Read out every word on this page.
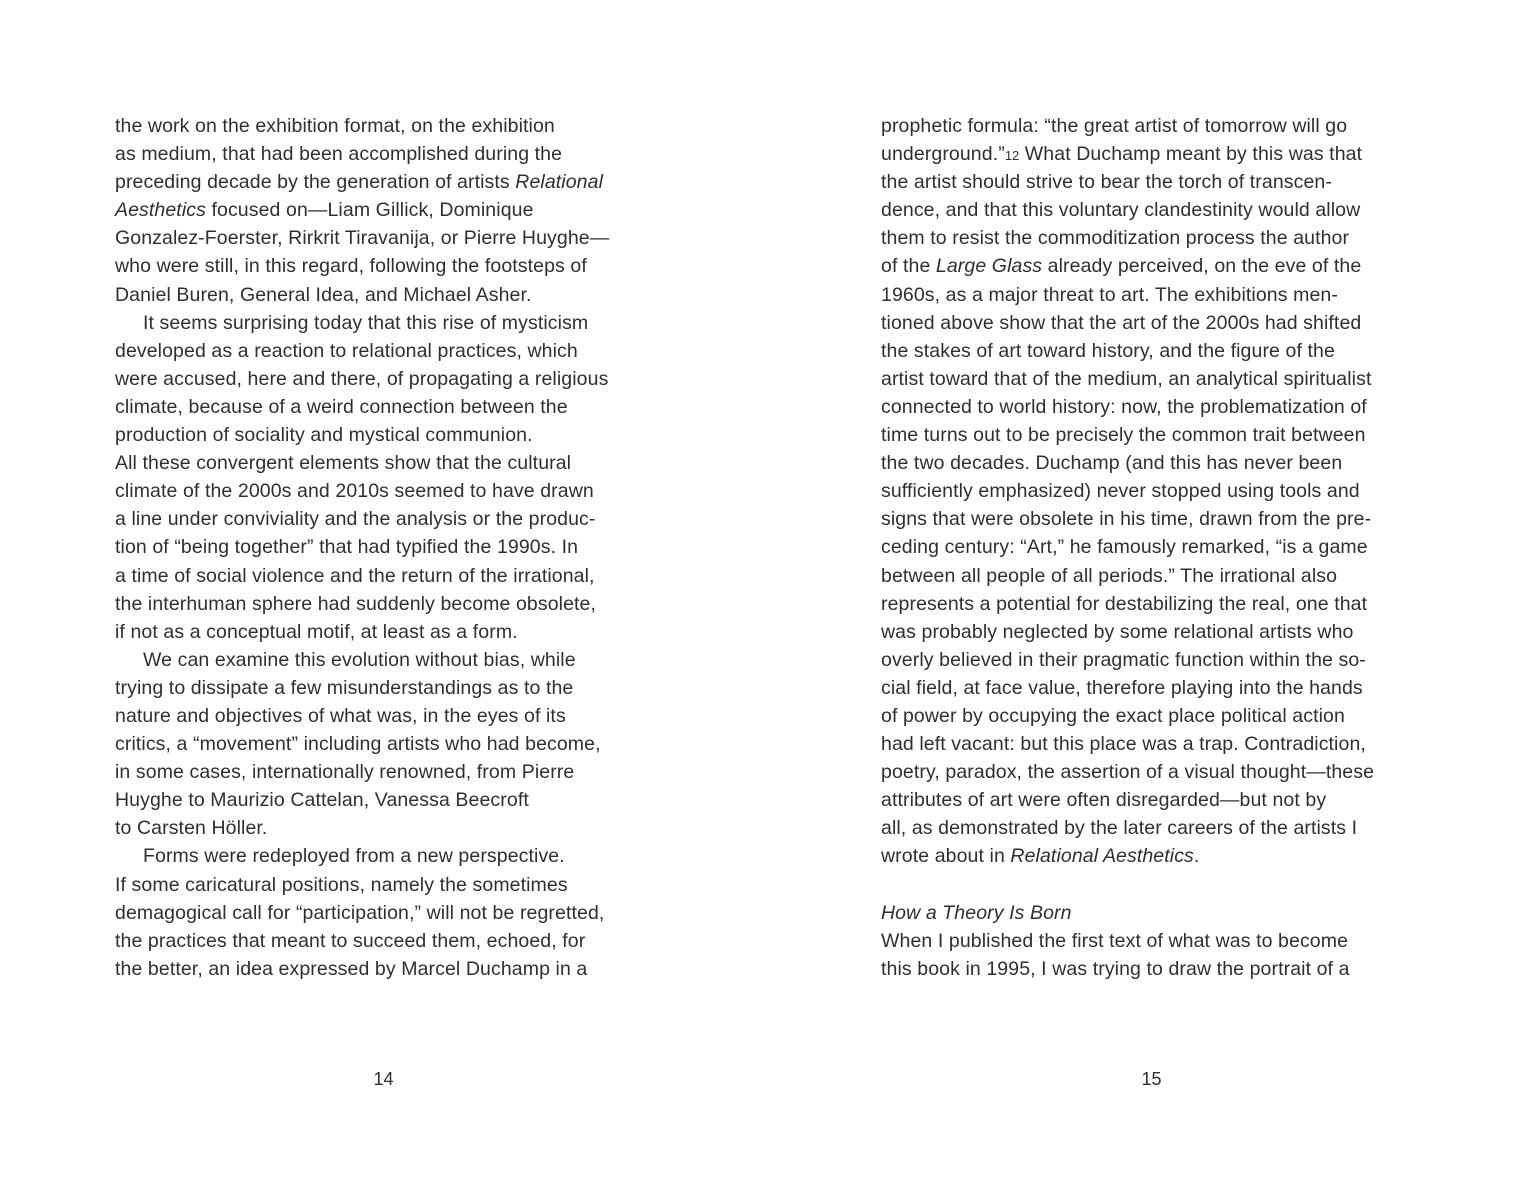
the work on the exhibition format, on the exhibition
as medium, that had been accomplished during the
preceding decade by the generation of artists Relational
Aesthetics focused on—Liam Gillick, Dominique
Gonzalez-Foerster, Rirkrit Tiravanija, or Pierre Huyghe—
who were still, in this regard, following the footsteps of
Daniel Buren, General Idea, and Michael Asher.
It seems surprising today that this rise of mysticism
developed as a reaction to relational practices, which
were accused, here and there, of propagating a religious
climate, because of a weird connection between the
production of sociality and mystical communion.
All these convergent elements show that the cultural
climate of the 2000s and 2010s seemed to have drawn
a line under conviviality and the analysis or the produc-
tion of “being together” that had typified the 1990s. In
a time of social violence and the return of the irrational,
the interhuman sphere had suddenly become obsolete,
if not as a conceptual motif, at least as a form.
We can examine this evolution without bias, while
trying to dissipate a few misunderstandings as to the
nature and objectives of what was, in the eyes of its
critics, a “movement” including artists who had become,
in some cases, internationally renowned, from Pierre
Huyghe to Maurizio Cattelan, Vanessa Beecroft
to Carsten Höller.
Forms were redeployed from a new perspective.
If some caricatural positions, namely the sometimes
demagogical call for “participation,” will not be regretted,
the practices that meant to succeed them, echoed, for
the better, an idea expressed by Marcel Duchamp in a
prophetic formula: “the great artist of tomorrow will go
underground.”12 What Duchamp meant by this was that
the artist should strive to bear the torch of transcen-
dence, and that this voluntary clandestinity would allow
them to resist the commoditization process the author
of the Large Glass already perceived, on the eve of the
1960s, as a major threat to art. The exhibitions men-
tioned above show that the art of the 2000s had shifted
the stakes of art toward history, and the figure of the
artist toward that of the medium, an analytical spiritualist
connected to world history: now, the problematization of
time turns out to be precisely the common trait between
the two decades. Duchamp (and this has never been
sufficiently emphasized) never stopped using tools and
signs that were obsolete in his time, drawn from the pre-
ceding century: “Art,” he famously remarked, “is a game
between all people of all periods.” The irrational also
represents a potential for destabilizing the real, one that
was probably neglected by some relational artists who
overly believed in their pragmatic function within the so-
cial field, at face value, therefore playing into the hands
of power by occupying the exact place political action
had left vacant: but this place was a trap. Contradiction,
poetry, paradox, the assertion of a visual thought—these
attributes of art were often disregarded—but not by
all, as demonstrated by the later careers of the artists I
wrote about in Relational Aesthetics.

How a Theory Is Born
When I published the first text of what was to become
this book in 1995, I was trying to draw the portrait of a
14	15
